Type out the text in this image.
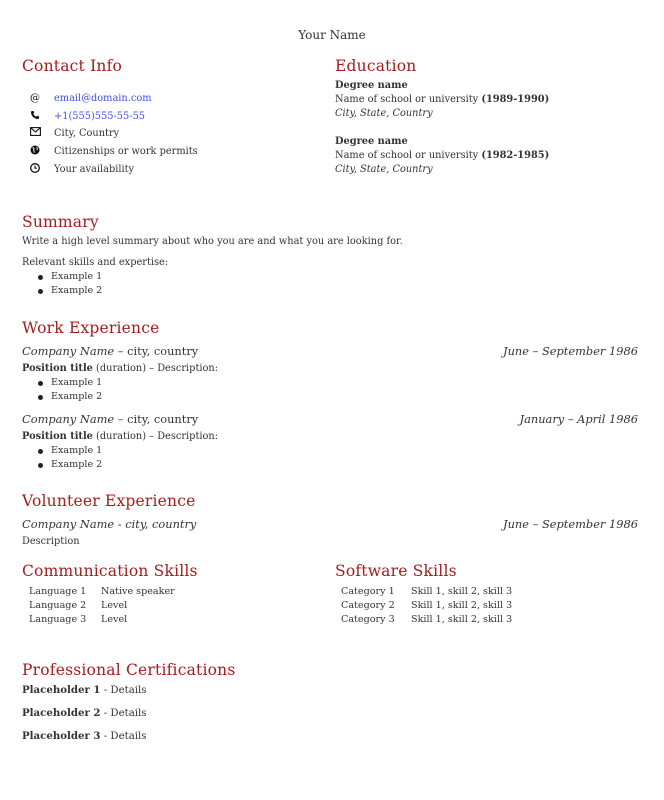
Your Name
Contact Info
@ email@domain.com
+1(555)555-55-55
City, Country
Citizenships or work permits
Your availability
Education
Degree name
Name of school or university (1989-1990)
City, State, Country
Degree name
Name of school or university (1982-1985)
City, State, Country
Summary
Write a high level summary about who you are and what you are looking for.
Relevant skills and expertise:
Example 1
Example 2
Work Experience
Company Name – city, country	June – September 1986
Position title (duration) – Description:
Example 1
Example 2
Company Name – city, country	January – April 1986
Position title (duration) – Description:
Example 1
Example 2
Volunteer Experience
Company Name - city, country	June – September 1986
Description
Communication Skills
Language 1	Native speaker
Language 2	Level
Language 3	Level
Software Skills
Category 1	Skill 1, skill 2, skill 3
Category 2	Skill 1, skill 2, skill 3
Category 3	Skill 1, skill 2, skill 3
Professional Certifications
Placeholder 1 - Details
Placeholder 2 - Details
Placeholder 3 - Details
